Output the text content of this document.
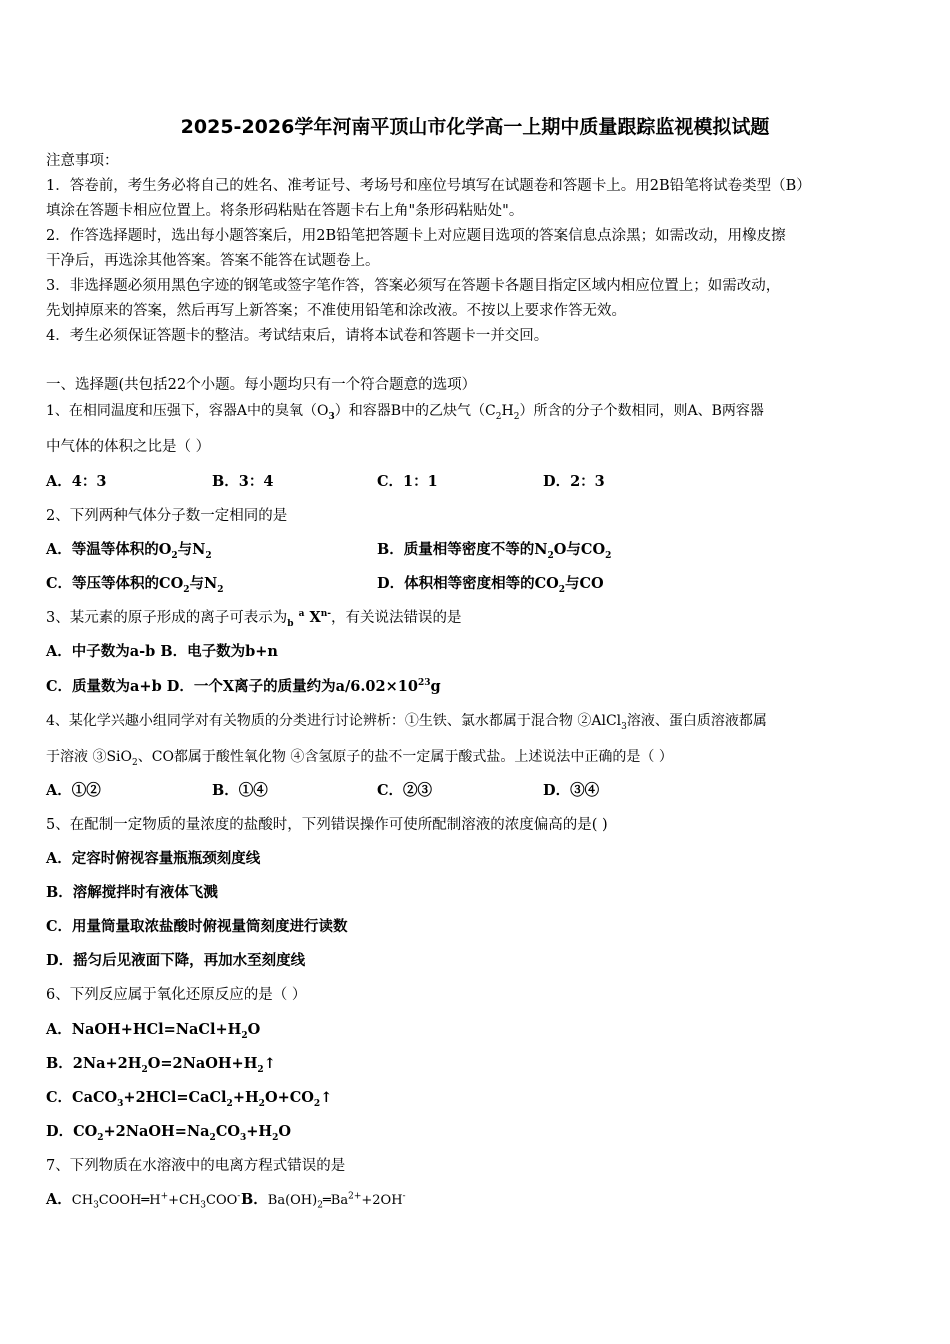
2025-2026学年河南平顶山市化学高一上期中质量跟踪监视模拟试题
注意事项：
1．答卷前，考生务必将自己的姓名、准考证号、考场号和座位号填写在试题卷和答题卡上。用2B铅笔将试卷类型（B）
填涂在答题卡相应位置上。将条形码粘贴在答题卡右上角"条形码粘贴处"。
2．作答选择题时，选出每小题答案后，用2B铅笔把答题卡上对应题目选项的答案信息点涂黑；如需改动，用橡皮擦
干净后，再选涂其他答案。答案不能答在试题卷上。
3．非选择题必须用黑色字迹的钢笔或签字笔作答，答案必须写在答题卡各题目指定区域内相应位置上；如需改动，
先划掉原来的答案，然后再写上新答案；不准使用铅笔和涂改液。不按以上要求作答无效。
4．考生必须保证答题卡的整洁。考试结束后，请将本试卷和答题卡一并交回。
一、选择题(共包括22个小题。每小题均只有一个符合题意的选项）
1、在相同温度和压强下，容器A中的臭氧$(O_3)$和容器B中的乙炔气$(C_2H_2)$所含的分子个数相同，则A、B两容器
中气体的体积之比是（ ）
A．4：3	B．3：4	C．1：1	D．2：3
2、下列两种气体分子数一定相同的是
A．等温等体积的$O_2$与$N_2$	B．质量相等密度不等的$N_2O$与$CO_2$
C．等压等体积的$CO_2$与$N_2$	D．体积相等密度相等的$CO_2$与CO
3、某元素的原子形成的离子可表示为$_b$ $^a$ $X^{n-}$，有关说法错误的是
A．中子数为a-b B．电子数为b+n
C．质量数为a+b D．一个X离子的质量约为$a/6.02\times 10^{23}g$
4、某化学兴趣小组同学对有关物质的分类进行讨论辨析：①生铁、氯水都属于混合物 ②AlCl$_3$溶液、蛋白质溶液都属
于溶液 ③SiO$_2$、CO都属于酸性氧化物 ④含氢原子的盐不一定属于酸式盐。上述说法中正确的是（ ）
A．①②	B．①④	C．②③	D．③④
5、在配制一定物质的量浓度的盐酸时，下列错误操作可使所配制溶液的浓度偏高的是( )
A．定容时俯视容量瓶瓶颈刻度线
B．溶解搅拌时有液体飞溅
C．用量筒量取浓盐酸时俯视量筒刻度进行读数
D．摇匀后见液面下降，再加水至刻度线
6、下列反应属于氧化还原反应的是（ ）
A．$NaOH+HCl=NaCl+H_2O$
B．$2Na+2H_2O=2NaOH+H_2↑$
C．$CaCO_3+2HCl=CaCl_2+H_2O+CO_2↑$
D．$CO_2+2NaOH=Na_2CO_3+H_2O$
7、下列物质在水溶液中的电离方程式错误的是
A．$CH_3COOH═H^++CH_3COO^-$ B．$Ba(OH)_2═Ba^{2+}+2OH^-$
